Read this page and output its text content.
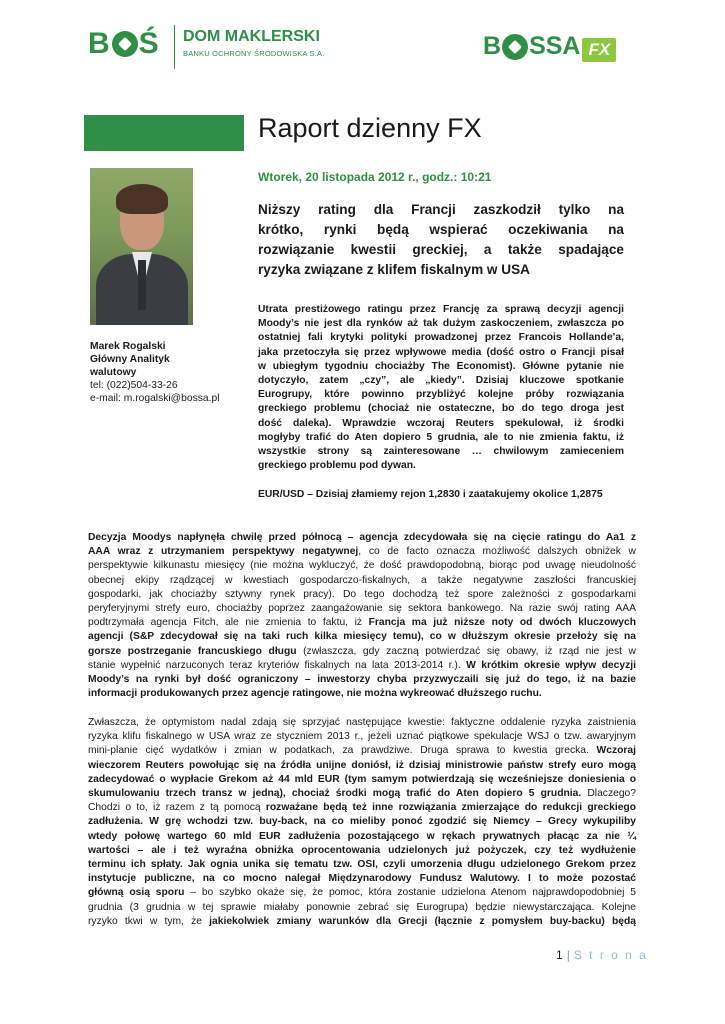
B Ś DOM MAKLERSKI
BANKU OCHRONY ŚRODOWISKA S.A.	B SSA FX
Raport dzienny FX
Wtorek, 20 listopada 2012 r., godz.: 10:21
Niższy rating dla Francji zaszkodził tylko na
krótko, rynki będą wspierać oczekiwania na
rozwiązanie kwestii greckiej, a także spadające
ryzyka związane z klifem fiskalnym w USA
Marek Rogalski
Główny Analityk
walutowy
tel: (022)504-33-26
e-mail: m.rogalski@bossa.pl
Utrata prestiżowego ratingu przez Francję za sprawą decyzji agencji
Moody’s nie jest dla rynków aż tak dużym zaskoczeniem, zwłaszcza po
ostatniej fali krytyki polityki prowadzonej przez Francois Hollande’a,
jaka przetoczyła się przez wpływowe media (dość ostro o Francji pisał
w ubiegłym tygodniu chociażby The Economist). Główne pytanie nie
dotyczyło, zatem „czy”, ale „kiedy”. Dzisiaj kluczowe spotkanie
Eurogrupy, które powinno przybliżyć kolejne próby rozwiązania
greckiego problemu (chociaż nie ostateczne, bo do tego droga jest
dość daleka). Wprawdzie wczoraj Reuters spekulował, iż środki
mogłyby trafić do Aten dopiero 5 grudnia, ale to nie zmienia faktu, iż
wszystkie strony są zainteresowane … chwilowym zamieceniem
greckiego problemu pod dywan.
EUR/USD – Dzisiaj złamiemy rejon 1,2830 i zaatakujemy okolice 1,2875
Decyzja Moodys napłynęła chwilę przed północą – agencja zdecydowała się na cięcie ratingu do Aa1 z
AAA wraz z utrzymaniem perspektywy negatywnej, co de facto oznacza możliwość dalszych obniżek w
perspektywie kilkunastu miesięcy (nie można wykluczyć, że dość prawdopodobną, biorąc pod uwagę nieudolność
obecnej ekipy rządzącej w kwestiach gospodarczo-fiskalnych, a także negatywne zaszłości francuskiej
gospodarki, jak chociażby sztywny rynek pracy). Do tego dochodzą też spore zależności z gospodarkami
peryferyjnymi strefy euro, chociażby poprzez zaangażowanie się sektora bankowego. Na razie swój rating AAA
podtrzymała agencja Fitch, ale nie zmienia to faktu, iż Francja ma już niższe noty od dwóch kluczowych
agencji (S&P zdecydował się na taki ruch kilka miesięcy temu), co w dłuższym okresie przełoży się na
gorsze postrzeganie francuskiego długu (zwłaszcza, gdy zaczną potwierdzać się obawy, iż rząd nie jest w
stanie wypełnić narzuconych teraz kryteriów fiskalnych na lata 2013-2014 r.). W krótkim okresie wpływ decyzji
Moody’s na rynki był dość ograniczony – inwestorzy chyba przyzwyczaili się już do tego, iż na bazie
informacji produkowanych przez agencje ratingowe, nie można wykreować dłuższego ruchu.
Zwłaszcza, że optymistom nadal zdają się sprzyjać następujące kwestie: faktyczne oddalenie ryzyka zaistnienia
ryzyka klifu fiskalnego w USA wraz ze styczniem 2013 r., jeżeli uznać piątkowe spekulacje WSJ o tzw. awaryjnym
mini-planie cięć wydatków i zmian w podatkach, za prawdziwe. Druga sprawa to kwestia grecka. Wczoraj
wieczorem Reuters powołując się na źródła unijne doniósł, iż dzisiaj ministrowie państw strefy euro mogą
zadecydować o wypłacie Grekom aż 44 mld EUR (tym samym potwierdzają się wcześniejsze doniesienia o
skumulowaniu trzech transz w jedną), chociaż środki mogą trafić do Aten dopiero 5 grudnia. Dlaczego?
Chodzi o to, iż razem z tą pomocą rozważane będą też inne rozwiązania zmierzające do redukcji greckiego
zadłużenia. W grę wchodzi tzw. buy-back, na co mieliby ponoć zgodzić się Niemcy – Grecy wykupiliby
wtedy połowę wartego 60 mld EUR zadłużenia pozostającego w rękach prywatnych płacąc za nie ¼
wartości – ale i też wyraźna obniżka oprocentowania udzielonych już pożyczek, czy też wydłużenie
terminu ich spłaty. Jak ognia unika się tematu tzw. OSI, czyli umorzenia długu udzielonego Grekom przez
instytucje publiczne, na co mocno nalegał Międzynarodowy Fundusz Walutowy. I to może pozostać
główną osią sporu – bo szybko okaże się, że pomoc, która zostanie udzielona Atenom najprawdopodobniej 5
grudnia (3 grudnia w tej sprawie miałaby ponownie zebrać się Eurogrupa) będzie niewystarczająca. Kolejne
ryzyko tkwi w tym, że jakiekolwiek zmiany warunków dla Grecji (łącznie z pomysłem buy-backu) będą
1 | S t r o n a
